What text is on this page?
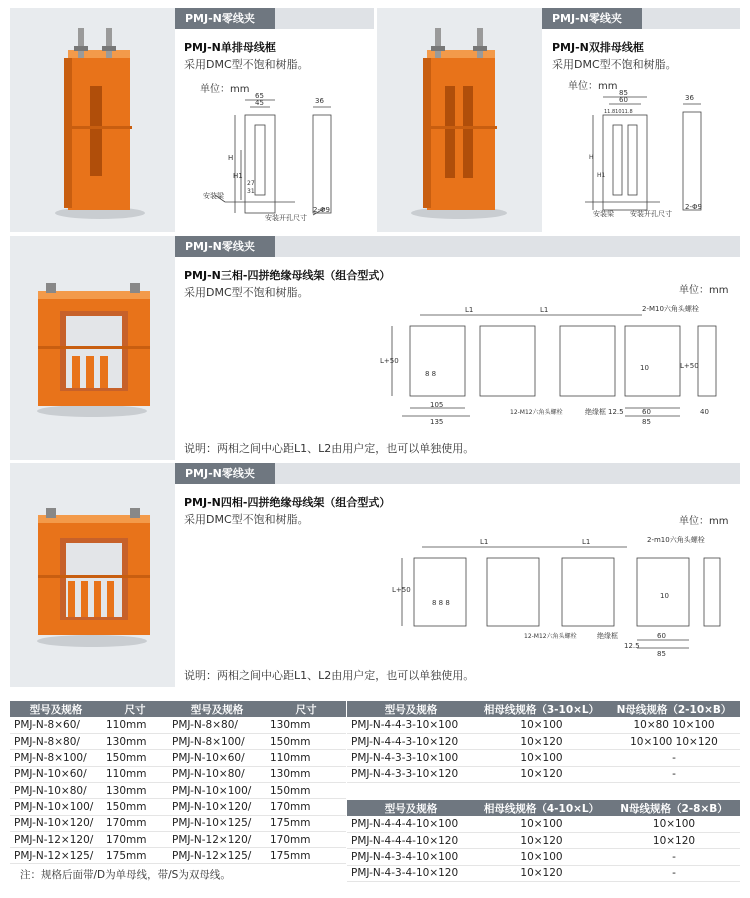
PMJ-N零线夹
PMJ-N单排母线框
采用DMC型不饱和树脂。
单位：mm
65
45	36
H
H1
27
31
安装梁
安装开孔尺寸
2-Φ9
PMJ-N零线夹
PMJ-N双排母线框
采用DMC型不饱和树脂。
单位：mm
85
60
11.81011.8
36
H
H1
安装梁 安装开孔尺寸
2-Φ9
PMJ-N零线夹
PMJ-N三相-四拼绝缘母线架（组合型式）
采用DMC型不饱和树脂。	单位：mm
L1	L1	2-M10六角头螺栓
L+50
L+50
8 8
10
105
135
12-M12六角头螺栓	绝缘框 12.5	60
85
40
说明：两相之间中心距L1、L2由用户定，也可以单独使用。
PMJ-N零线夹
PMJ-N四相-四拼绝缘母线架（组合型式）
采用DMC型不饱和树脂。	单位：mm
L1	L1	2-m10六角头螺栓
L+50
8 8 8
10
12-M12六角头螺栓	绝缘框
12.5
60
85
说明：两相之间中心距L1、L2由用户定，也可以单独使用。
型号及规格	尺寸	型号及规格	尺寸
PMJ-N-8×60/	110mm	PMJ-N-8×80/	130mm
PMJ-N-8×80/	130mm	PMJ-N-8×100/	150mm
PMJ-N-8×100/	150mm	PMJ-N-10×60/	110mm
PMJ-N-10×60/	110mm	PMJ-N-10×80/	130mm
PMJ-N-10×80/	130mm	PMJ-N-10×100/	150mm
PMJ-N-10×100/	150mm	PMJ-N-10×120/	170mm
PMJ-N-10×120/	170mm	PMJ-N-10×125/	175mm
PMJ-N-12×120/	170mm	PMJ-N-12×120/	170mm
PMJ-N-12×125/	175mm	PMJ-N-12×125/	175mm
注：规格后面带/D为单母线，带/S为双母线。
型号及规格	相母线规格（3-10×L）	N母线规格（2-10×B）
PMJ-N-4-4-3-10×100	10×100	10×80 10×100
PMJ-N-4-4-3-10×120	10×120	10×100 10×120
PMJ-N-4-3-3-10×100	10×100	-
PMJ-N-4-3-3-10×120	10×120	-
型号及规格	相母线规格（4-10×L）	N母线规格（2-8×B）
PMJ-N-4-4-4-10×100	10×100	10×100
PMJ-N-4-4-4-10×120	10×120	10×120
PMJ-N-4-3-4-10×100	10×100	-
PMJ-N-4-3-4-10×120	10×120	-
